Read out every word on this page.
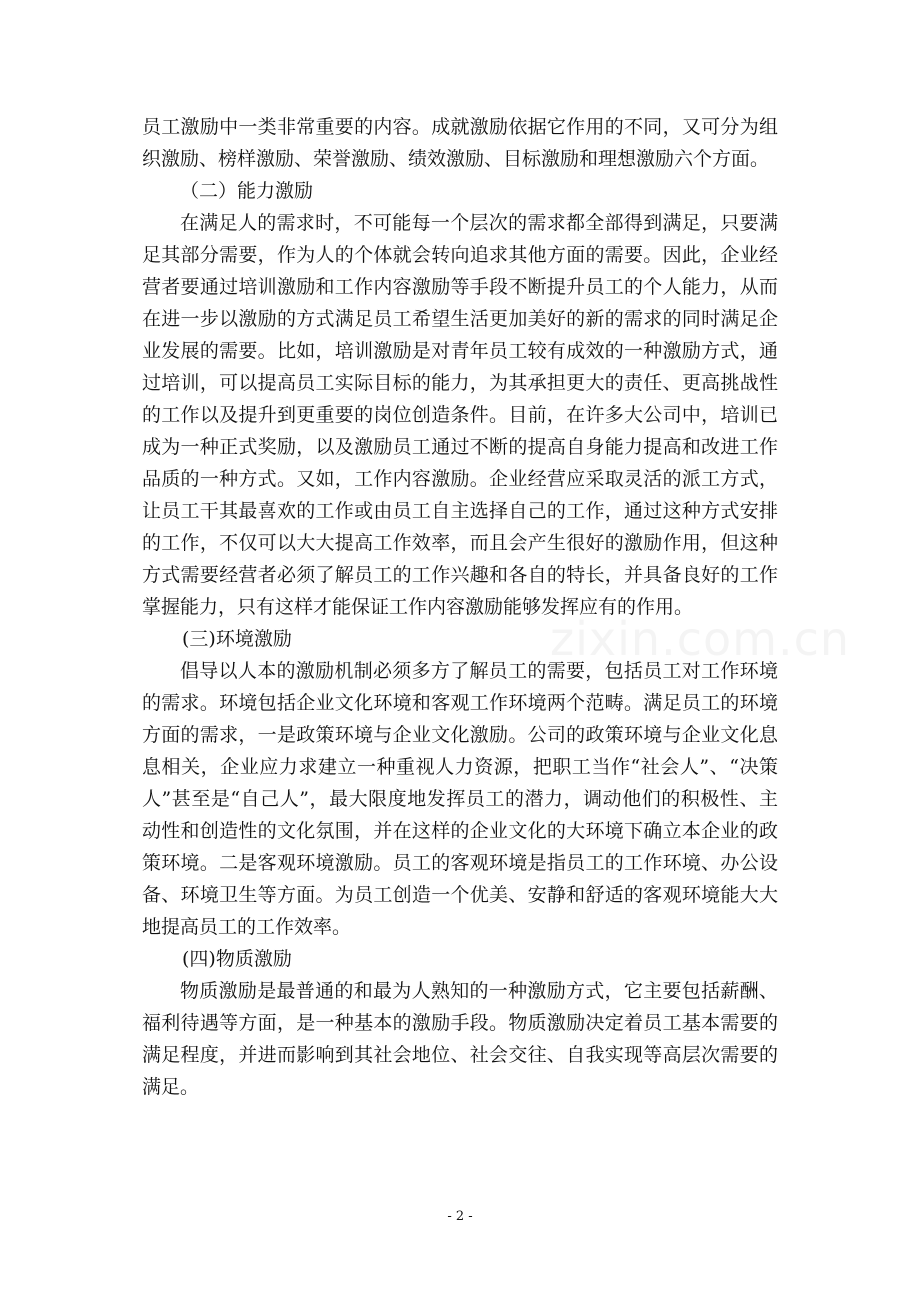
员工激励中一类非常重要的内容。成就激励依据它作用的不同，又可分为组织激励、榜样激励、荣誉激励、绩效激励、目标激励和理想激励六个方面。

（二）能力激励

在满足人的需求时，不可能每一个层次的需求都全部得到满足，只要满足其部分需要，作为人的个体就会转向追求其他方面的需要。因此，企业经营者要通过培训激励和工作内容激励等手段不断提升员工的个人能力，从而在进一步以激励的方式满足员工希望生活更加美好的新的需求的同时满足企业发展的需要。比如，培训激励是对青年员工较有成效的一种激励方式，通过培训，可以提高员工实际目标的能力，为其承担更大的责任、更高挑战性的工作以及提升到更重要的岗位创造条件。目前，在许多大公司中，培训已成为一种正式奖励，以及激励员工通过不断的提高自身能力提高和改进工作品质的一种方式。又如，工作内容激励。企业经营应采取灵活的派工方式，让员工干其最喜欢的工作或由员工自主选择自己的工作，通过这种方式安排的工作，不仅可以大大提高工作效率，而且会产生很好的激励作用，但这种方式需要经营者必须了解员工的工作兴趣和各自的特长，并具备良好的工作掌握能力，只有这样才能保证工作内容激励能够发挥应有的作用。

(三)环境激励

倡导以人本的激励机制必须多方了解员工的需要，包括员工对工作环境的需求。环境包括企业文化环境和客观工作环境两个范畴。满足员工的环境方面的需求，一是政策环境与企业文化激励。公司的政策环境与企业文化息息相关，企业应力求建立一种重视人力资源，把职工当作“社会人”、“决策人”甚至是“自己人”，最大限度地发挥员工的潜力，调动他们的积极性、主动性和创造性的文化氛围，并在这样的企业文化的大环境下确立本企业的政策环境。二是客观环境激励。员工的客观环境是指员工的工作环境、办公设备、环境卫生等方面。为员工创造一个优美、安静和舒适的客观环境能大大地提高员工的工作效率。

(四)物质激励

物质激励是最普通的和最为人熟知的一种激励方式，它主要包括薪酬、福利待遇等方面，是一种基本的激励手段。物质激励决定着员工基本需要的满足程度，并进而影响到其社会地位、社会交往、自我实现等高层次需要的满足。

zixin.com.cn
- 2 -
